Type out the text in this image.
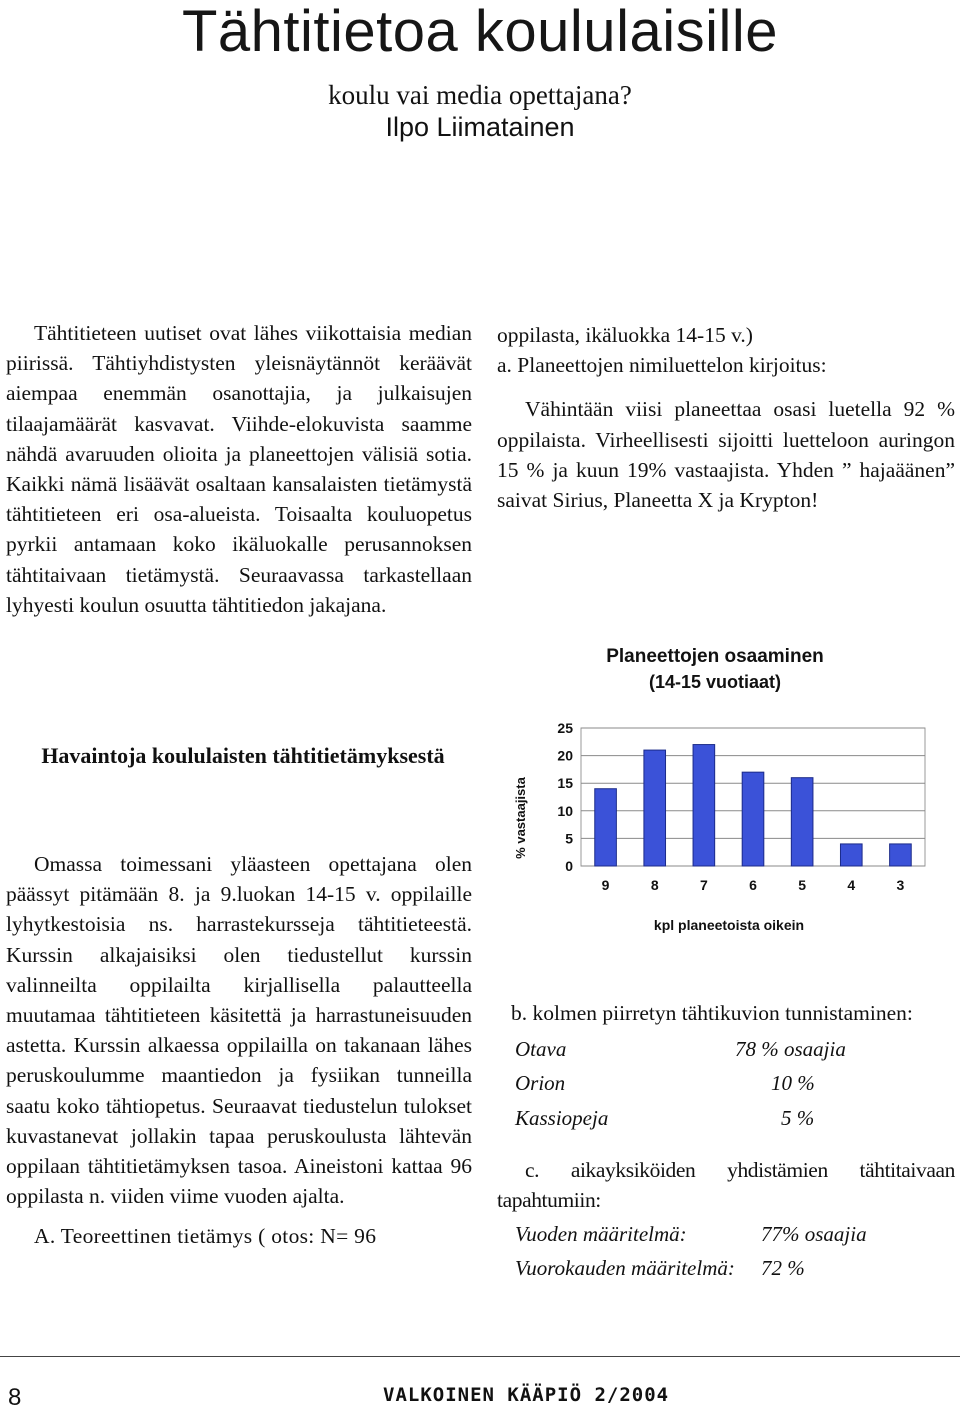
Tähtitietoa koululaisille
koulu vai media opettajana?
Ilpo Liimatainen

Tähtitieteen uutiset ovat lähes viikottaisia median piirissä. Tähtiyhdistysten yleisnäytännöt keräävät aiempaa enemmän osanottajia, ja julkaisujen tilaajamäärät kasvavat. Viihde-elokuvista saamme nähdä avaruuden olioita ja planeettojen välisiä sotia. Kaikki nämä lisäävät osaltaan kansalaisten tietämystä tähtitieteen eri osa-alueista. Toisaalta kouluopetus pyrkii antamaan koko ikäluokalle perusannoksen tähtitaivaan tietämystä. Seuraavassa tarkastellaan lyhyesti koulun osuutta tähtitiedon jakajana.

Havaintoja koululaisten tähtitietämyksestä

Omassa toimessani yläasteen opettajana olen päässyt pitämään 8. ja 9.luokan 14-15 v. oppilaille lyhytkestoisia ns. harrastekursseja tähtitieteestä. Kurssin alkajaisiksi olen tiedustellut kurssin valinneilta oppilailta kirjallisella palautteella muutamaa tähtitieteen käsitettä ja harrastuneisuuden astetta. Kurssin alkaessa oppilailla on takanaan lähes peruskoulumme maantiedon ja fysiikan tunneilla saatu koko tähtiopetus. Seuraavat tiedustelun tulokset kuvastanevat jollakin tapaa peruskoulusta lähtevän oppilaan tähtitietämyksen tasoa. Aineistoni kattaa 96 oppilasta n. viiden viime vuoden ajalta.

A. Teoreettinen tietämys ( otos: N= 96

oppilasta, ikäluokka 14-15 v.)

a. Planeettojen nimiluettelon kirjoitus:

Vähintään viisi planeettaa osasi luetella 92 % oppilaista. Virheellisesti sijoitti luetteloon auringon 15 % ja kuun 19% vastaajista. Yhden ” hajaäänen” saivat Sirius, Planeetta X ja Krypton!

Planeettojen osaaminen
(14-15 vuotiaat)
% vastaajista
0
5
10
15
20
25
9	8	7	6	5	4	3
kpl planeetoista oikein

b. kolmen piirretyn tähtikuvion tunnistaminen:

Otava	78 % osaajia
Orion	10 %
Kassiopeja	5 %

c. aikayksiköiden yhdistämien tähtitaivaan tapahtumiin:

Vuoden määritelmä:	77% osaajia
Vuorokauden määritelmä:	72 %
8	VALKOINEN KÄÄPIÖ 2/2004
